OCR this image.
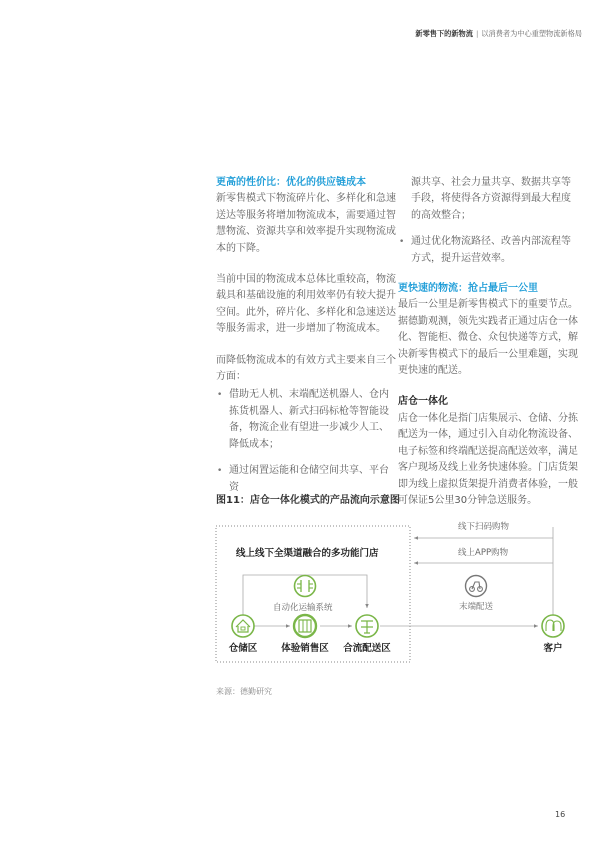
新零售下的新物流 | 以消费者为中心重塑物流新格局
更高的性价比：优化的供应链成本

新零售模式下物流碎片化、多样化和急速送达等服务将增加物流成本，需要通过智慧物流、资源共享和效率提升实现物流成本的下降。

当前中国的物流成本总体比重较高，物流载具和基础设施的利用效率仍有较大提升空间。此外，碎片化、多样化和急速送达等服务需求，进一步增加了物流成本。

而降低物流成本的有效方式主要来自三个方面：

• 借助无人机、末端配送机器人、仓内拣货机器人、新式扫码标枪等智能设备，物流企业有望进一步减少人工、降低成本；

• 通过闲置运能和仓储空间共享、平台资

源共享、社会力量共享、数据共享等手段，将使得各方资源得到最大程度的高效整合；

• 通过优化物流路径、改善内部流程等方式，提升运营效率。

更快速的物流：抢占最后一公里

最后一公里是新零售模式下的重要节点。据德勤观测，领先实践者正通过店仓一体化、智能柜、微仓、众包快递等方式，解决新零售模式下的最后一公里难题，实现更快速的配送。

店仓一体化

店仓一体化是指门店集展示、仓储、分拣配送为一体，通过引入自动化物流设备、电子标签和终端配送提高配送效率，满足客户现场及线上业务快速体验。门店货架即为线上虚拟货架提升消费者体验，一般可保证5公里30分钟急送服务。

图11：店仓一体化模式的产品流向示意图
线上线下全渠道融合的多功能门店
线下扫码购物
线上APP购物
末端配送
自动化运输系统
仓储区	体验销售区 合流配送区	客户
来源：德勤研究
16
